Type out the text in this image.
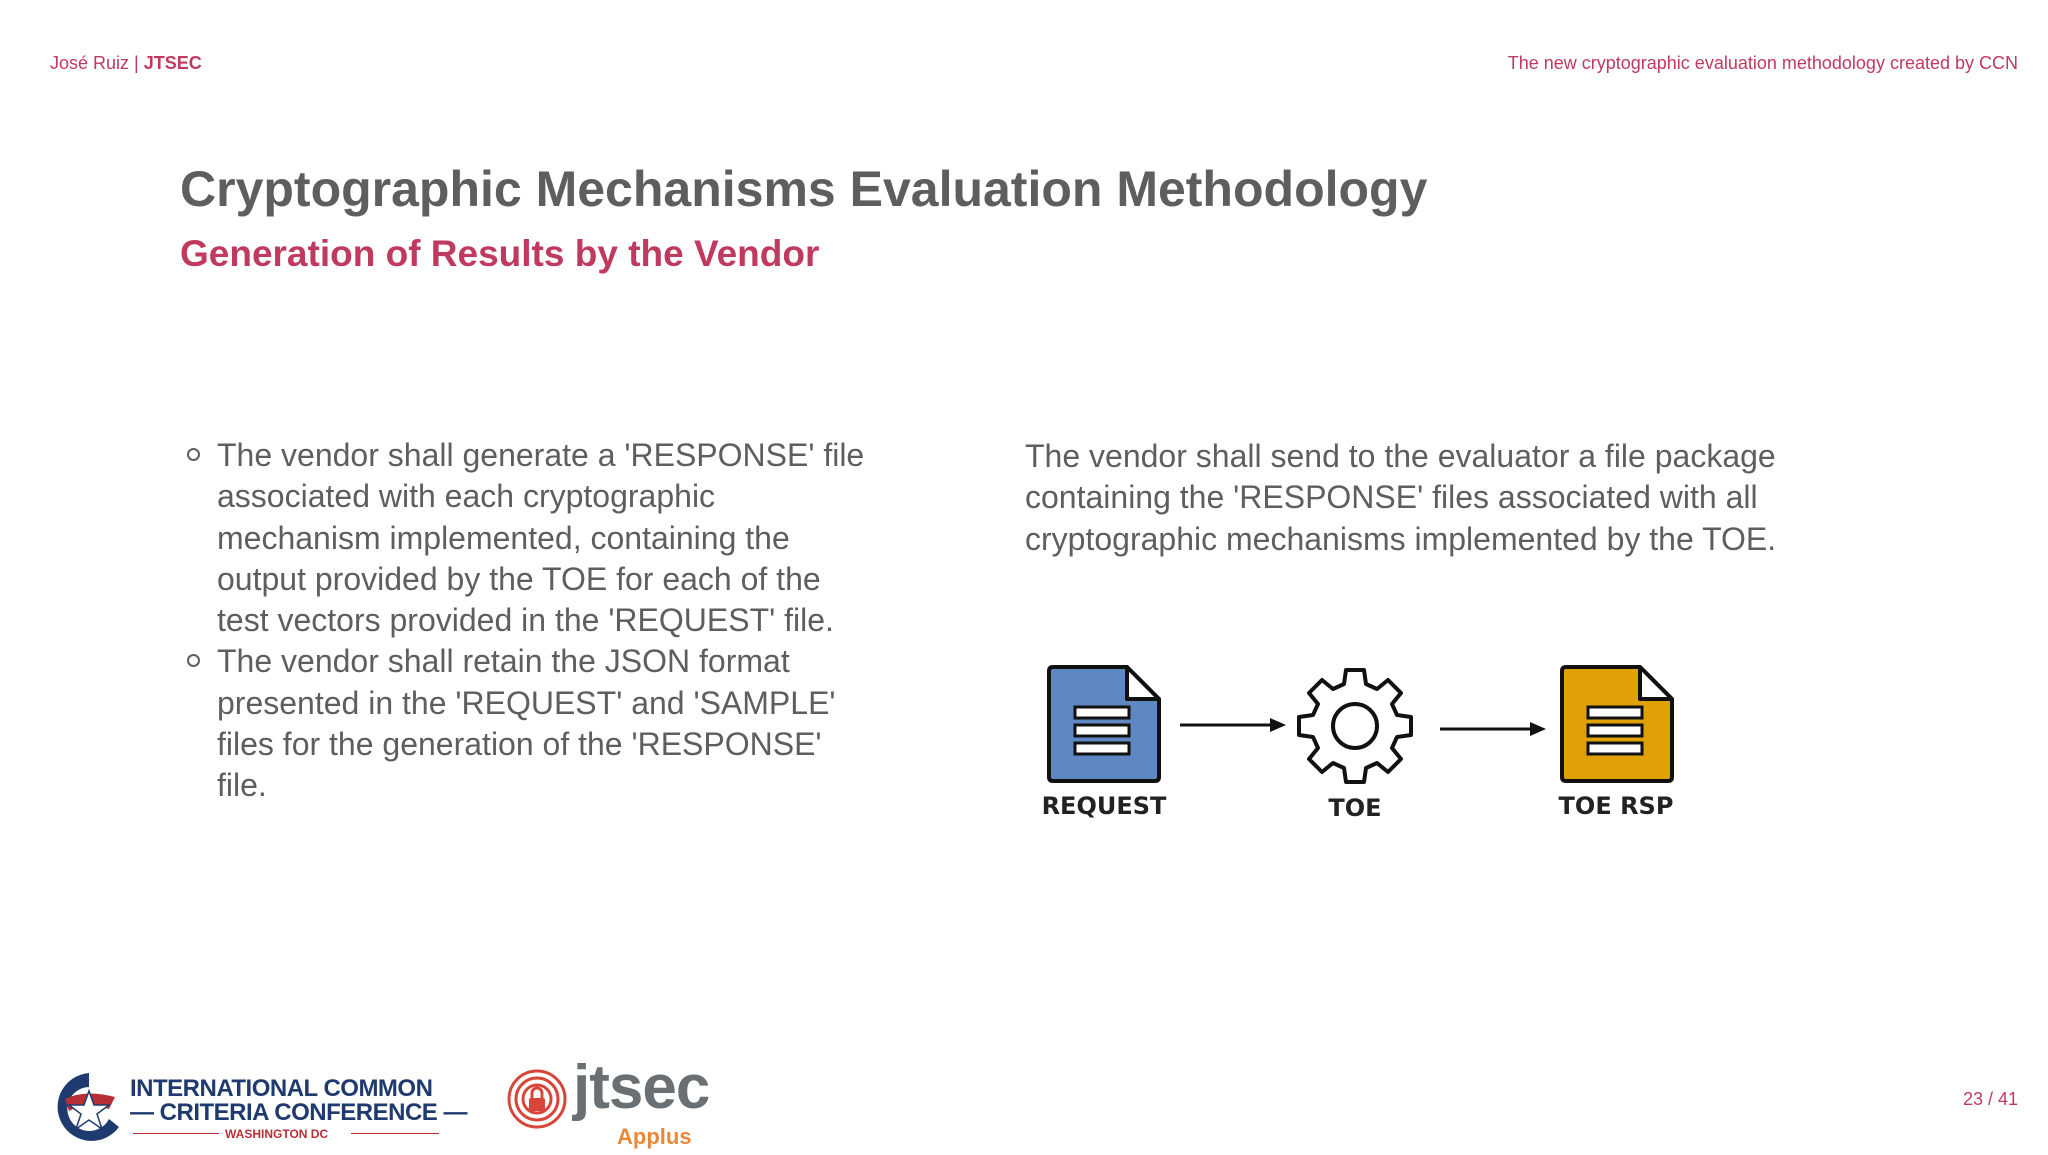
José Ruiz | JTSEC	The new cryptographic evaluation methodology created by CCN
Cryptographic Mechanisms Evaluation Methodology
Generation of Results by the Vendor
The vendor shall generate a 'RESPONSE' file associated with each cryptographic mechanism implemented, containing the output provided by the TOE for each of the test vectors provided in the 'REQUEST' file.
The vendor shall retain the JSON format presented in the 'REQUEST' and 'SAMPLE' files for the generation of the 'RESPONSE' file.

The vendor shall send to the evaluator a file package containing the 'RESPONSE' files associated with all cryptographic mechanisms implemented by the TOE.

REQUEST	TOE	TOE RSP
INTERNATIONAL COMMON
— CRITERIA CONFERENCE —
WASHINGTON DC
jtsec
Applus
23 / 41
